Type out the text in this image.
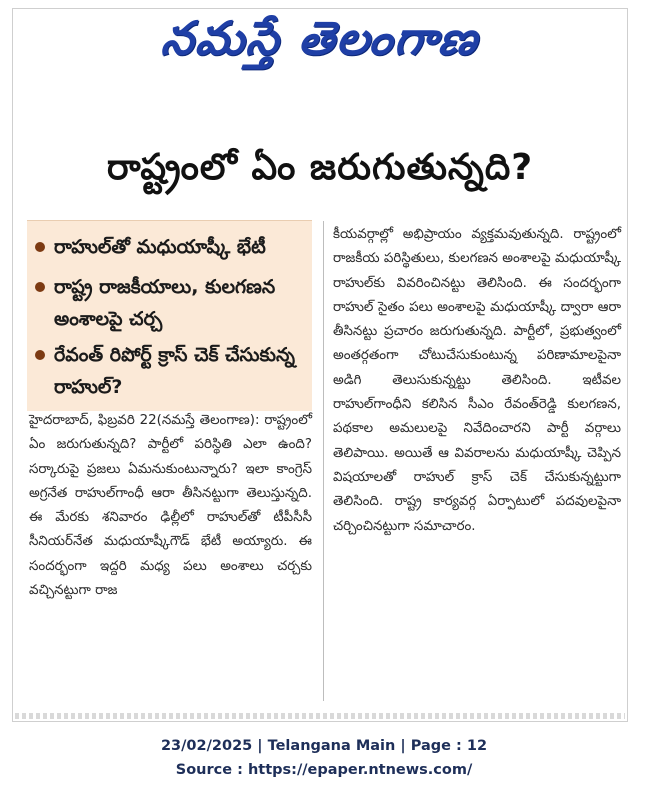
నమస్తే తెలంగాణ
రాష్ట్రంలో ఏం జరుగుతున్నది?
రాహుల్‌తో మధుయాష్కీ భేటీ
రాష్ట్ర రాజకీయాలు, కులగణన అంశాలపై చర్చ
రేవంత్ రిపోర్ట్ క్రాస్ చెక్ చేసుకున్న రాహుల్?
హైదరాబాద్, ఫిబ్రవరి 22(నమస్తే తెలంగాణ): రాష్ట్రంలో ఏం జరుగుతున్నది? పార్టీలో పరిస్థితి ఎలా ఉంది? సర్కారుపై ప్రజలు ఏమనుకుంటున్నారు? ఇలా కాంగ్రెస్ అగ్రనేత రాహుల్‌గాంధీ ఆరా తీసినట్టుగా తెలుస్తున్నది. ఈ మేరకు శనివారం ఢిల్లీలో రాహుల్‌తో టీపీసీసీ సీనియర్‌నేత మధుయాష్కీగౌడ్ భేటీ అయ్యారు. ఈ సందర్భంగా ఇద్దరి మధ్య పలు అంశాలు చర్చకు వచ్చినట్టుగా రాజ
కీయవర్గాల్లో అభిప్రాయం వ్యక్తమవుతున్నది. రాష్ట్రంలో రాజకీయ పరిస్థితులు, కులగణన అంశాలపై మధుయాష్కీ రాహుల్‌కు వివరించినట్టు తెలిసింది. ఈ సందర్భంగా రాహుల్ సైతం పలు అంశాలపై మధుయాష్కీ ద్వారా ఆరా తీసినట్టు ప్రచారం జరుగుతున్నది. పార్టీలో, ప్రభుత్వంలో అంతర్గతంగా చోటుచేసుకుంటున్న పరిణామాలపైనా అడిగి తెలుసుకున్నట్టు తెలిసింది. ఇటీవల రాహుల్‌గాంధీని కలిసిన సీఎం రేవంత్‌రెడ్డి కులగణన, పథకాల అమలులపై నివేదించారని పార్టీ వర్గాలు తెలిపాయి. అయితే ఆ వివరాలను మధుయాష్కీ చెప్పిన విషయాలతో రాహుల్ క్రాస్ చెక్ చేసుకున్నట్టుగా తెలిసింది. రాష్ట్ర కార్యవర్గ ఏర్పాటులో పదవులపైనా చర్చించినట్టుగా సమాచారం.
23/02/2025 | Telangana Main | Page : 12
Source : https://epaper.ntnews.com/
